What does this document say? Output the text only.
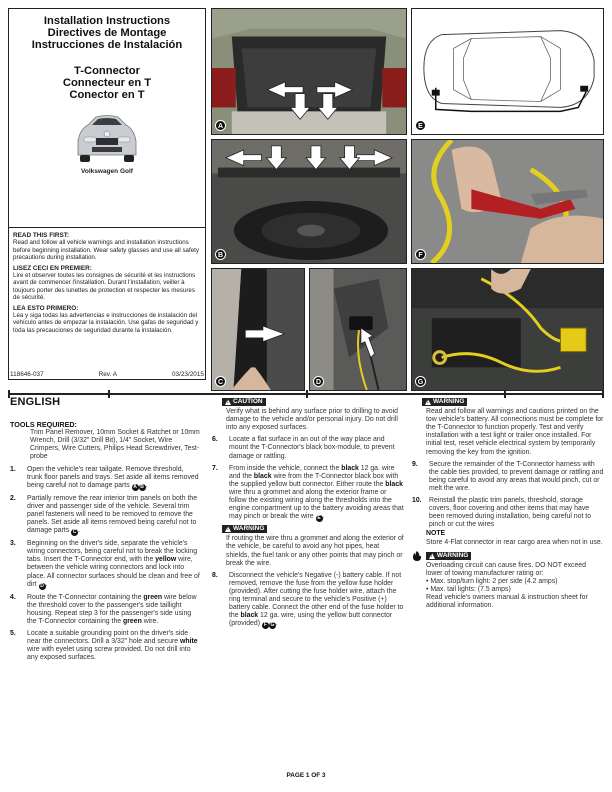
Installation Instructions
Directives de Montage
Instrucciones de Instalación
T-Connector
Connecteur en T
Conector en T
Volkswagen Golf
READ THIS FIRST:
Read and follow all vehicle warnings and installation instructions before beginning installation. Wear safety glasses and use all safety precautions during installation.
LISEZ CECI EN PREMIER:
Lire et observer toutes les consignes de sécurité et les instructions avant de commencer l'installation. Durant l'installation, veiller à toujours porter des lunettes de protection et respecter les mesures de sécurité.
LEA ESTO PRIMERO:
Lea y siga todas las advertencias e instrucciones de instalación del vehículo antes de empezar la instalación. Use gafas de seguridad y toda las precauciones de seguridad durante la instalación.
118646-037	Rev. A	03/23/2015
A	E
B	F
C	D	G
ENGLISH
TOOLS REQUIRED:
Trim Panel Remover, 10mm Socket & Ratchet or 10mm Wrench, Drill (3/32" Drill Bit), 1/4" Socket, Wire Crimpers, Wire Cutters, Philips Head Screwdriver, Test-probe
1.	Open the vehicle's rear tailgate. Remove threshold, trunk floor panels and trays. Set aside all items removed being careful not to damage parts A B .
2.	Partially remove the rear interior trim panels on both the driver and passenger side of the vehicle. Several trim panel fasteners will need to be removed to remove the panels. Set aside all items removed being careful not to damage parts C .
3.	Beginning on the driver's side, separate the vehicle's wiring connectors, being careful not to break the locking tabs. Insert the T-Connector end, with the yellow wire, between the vehicle wiring connectors and lock into place. All connector surfaces should be clean and free of dirt D .
4.	Route the T-Connector containing the green wire below the threshold cover to the passenger's side taillight housing. Repeat step 3 for the passenger's side using the T-Connector containing the green wire.
5.	Locate a suitable grounding point on the driver's side near the connectors. Drill a 3/32" hole and secure white wire with eyelet using screw provided. Do not drill into any exposed surfaces.
!
CAUTION
Verify what is behind any surface prior to drilling to avoid damage to the vehicle and/or personal injury. Do not drill into any exposed surfaces.
6.	Locate a flat surface in an out of the way place and mount the T-Connector's black box-module, to prevent damage or rattling.
7.	From inside the vehicle, connect the black 12 ga. wire and the black wire from the T-Connector black box with the supplied yellow butt connector. Either route the black wire thru a grommet and along the exterior frame or follow the existing wiring along the thresholds into the engine compartment up to the battery avoiding areas that may pinch or break the wire E .
!
WARNING
If routing the wire thru a grommet and along the exterior of the vehicle, be careful to avoid any hot pipes, heat shields, the fuel tank or any other points that may pinch or break the wire.
8.	Disconnect the vehicle's Negative (-) battery cable. If not removed, remove the fuse from the yellow fuse holder (provided). After cutting the fuse holder wire, attach the ring terminal and secure to the vehicle's Positive (+) battery cable. Connect the other end of the fuse holder to the black 12 ga. wire, using the yellow butt connector (provided) F G .
!
WARNING
Read and follow all warnings and cautions printed on the tow vehicle's battery. All connections must be complete for the T-Connector to function properly. Test and verify installation with a test light or trailer once installed. For initial test, reset vehicle electrical system by temporarily removing the key from the ignition.
9.	Secure the remainder of the T-Connector harness with the cable ties provided, to prevent damage or rattling and being careful to avoid any areas that would pinch, cut or melt the wire.
10.	Reinstall the plastic trim panels, threshold, storage covers, floor covering and other items that may have been removed during installation, being careful not to pinch or cut the wires
NOTE
Store 4-Flat connector in rear cargo area when not in use.

!
WARNING
Overloading circuit can cause fires. DO NOT exceed lower of towing manufacturer rating or:
• Max. stop/turn light: 2 per side (4.2 amps)
• Max. tail lights: (7.5 amps)
Read vehicle's owners manual & instruction sheet for additional information.
PAGE 1 OF 3
